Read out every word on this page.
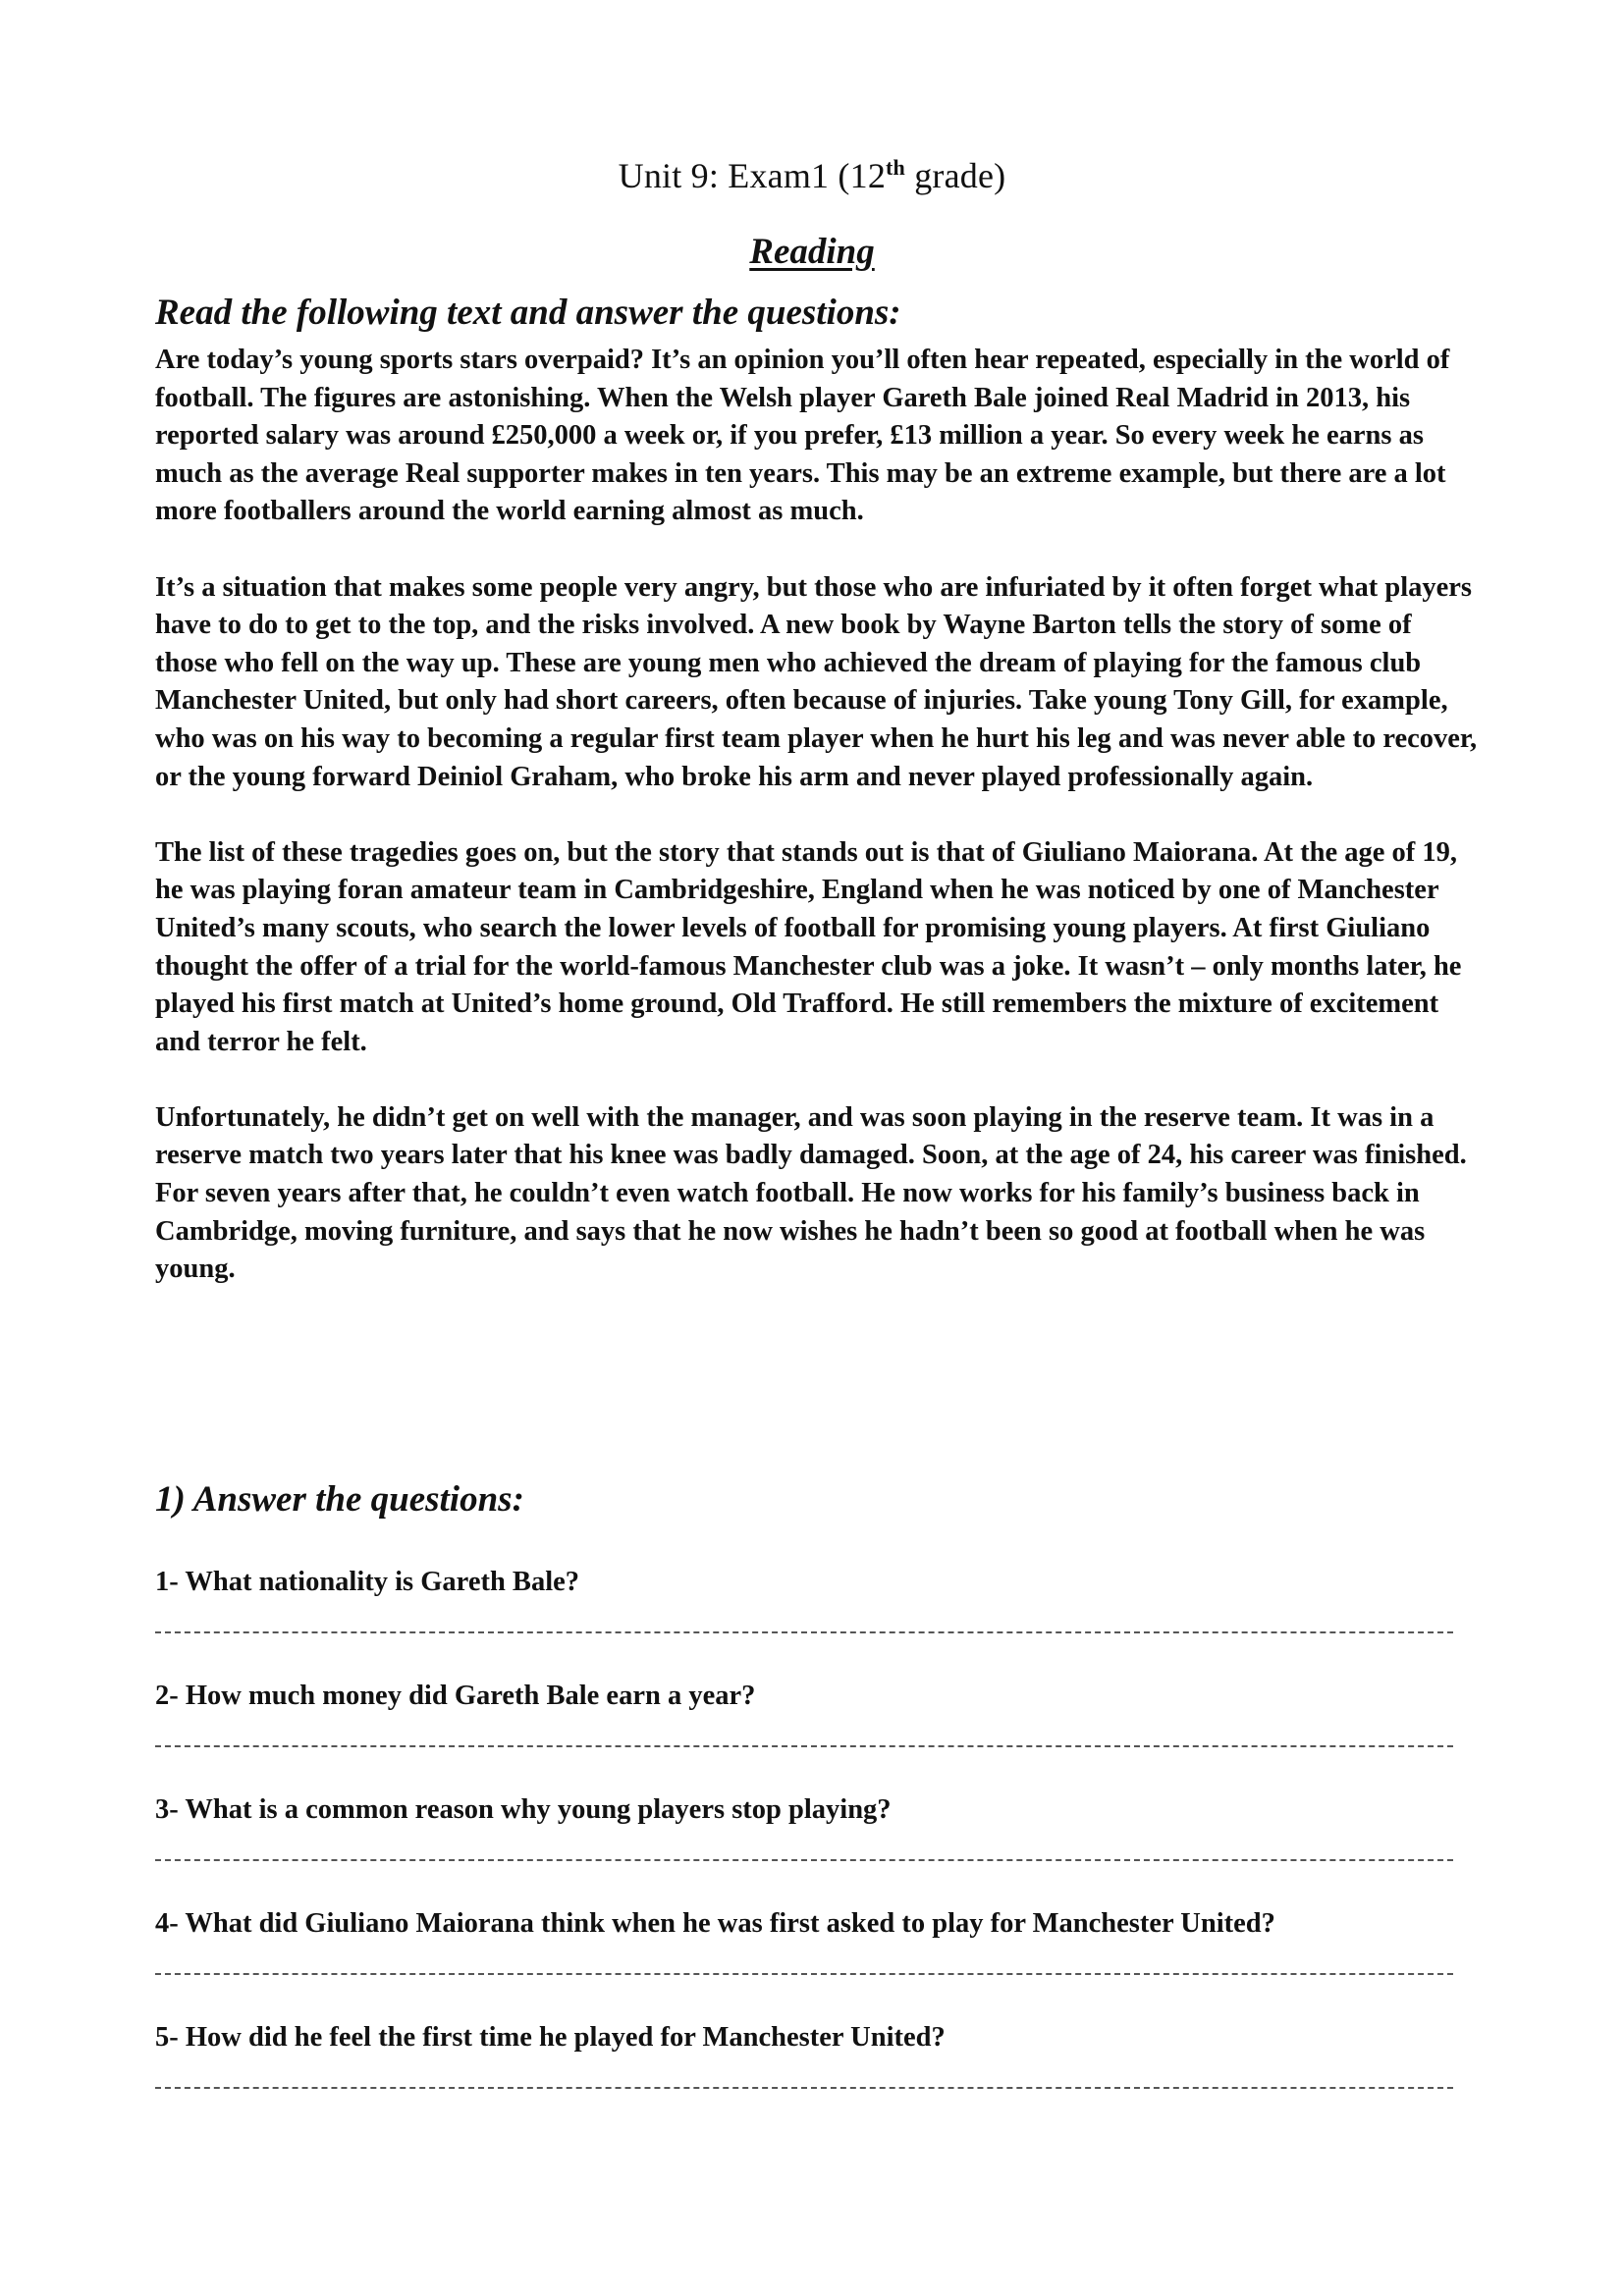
Unit 9: Exam1 (12th grade)
Reading
Read the following text and answer the questions:

Are today’s young sports stars overpaid? It’s an opinion you’ll often hear repeated, especially in the world of football. The figures are astonishing. When the Welsh player Gareth Bale joined Real Madrid in 2013, his reported salary was around £250,000 a week or, if you prefer, £13 million a year. So every week he earns as much as the average Real supporter makes in ten years. This may be an extreme example, but there are a lot more footballers around the world earning almost as much.

It’s a situation that makes some people very angry, but those who are infuriated by it often forget what players have to do to get to the top, and the risks involved. A new book by Wayne Barton tells the story of some of those who fell on the way up. These are young men who achieved the dream of playing for the famous club Manchester United, but only had short careers, often because of injuries. Take young Tony Gill, for example, who was on his way to becoming a regular first team player when he hurt his leg and was never able to recover, or the young forward Deiniol Graham, who broke his arm and never played professionally again.

The list of these tragedies goes on, but the story that stands out is that of Giuliano Maiorana. At the age of 19, he was playing foran amateur team in Cambridgeshire, England when he was noticed by one of Manchester United’s many scouts, who search the lower levels of football for promising young players. At first Giuliano thought the offer of a trial for the world-famous Manchester club was a joke. It wasn’t – only months later, he played his first match at United’s home ground, Old Trafford. He still remembers the mixture of excitement and terror he felt.

Unfortunately, he didn’t get on well with the manager, and was soon playing in the reserve team. It was in a reserve match two years later that his knee was badly damaged. Soon, at the age of 24, his career was finished. For seven years after that, he couldn’t even watch football. He now works for his family’s business back in Cambridge, moving furniture, and says that he now wishes he hadn’t been so good at football when he was young.

1) Answer the questions:
1- What nationality is Gareth Bale?
2- How much money did Gareth Bale earn a year?
3- What is a common reason why young players stop playing?
4- What did Giuliano Maiorana think when he was first asked to play for Manchester United?
5- How did he feel the first time he played for Manchester United?
